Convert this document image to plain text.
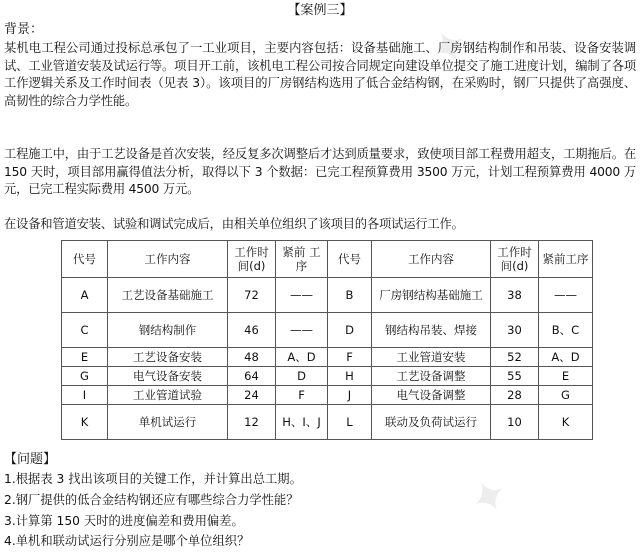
✦
✦
【案例三】
背景：
某机电工程公司通过投标总承包了一工业项目，主要内容包括：设备基础施工、厂房钢结构制作和吊装、设备安装调试、工业管道安装及试运行等。项目开工前，该机电工程公司按合同规定向建设单位提交了施工进度计划，编制了各项工作逻辑关系及工作时间表（见表 3）。该项目的厂房钢结构选用了低合金结构钢，在采购时，钢厂只提供了高强度、高韧性的综合力学性能。
工程施工中，由于工艺设备是首次安装，经反复多次调整后才达到质量要求，致使项目部工程费用超支，工期拖后。在 150 天时，项目部用赢得值法分析，取得以下 3 个数据：已完工程预算费用 3500 万元，计划工程预算费用 4000 万元，已完工程实际费用 4500 万元。
在设备和管道安装、试验和调试完成后，由相关单位组织了该项目的各项试运行工作。
代号	工作内容	工作时间(d)	紧前 工序	代号	工作内容	工作时间(d)	紧前工序
A	工艺设备基础施工	72	——	B	厂房钢结构基础施工	38	——
C	钢结构制作	46	——	D	钢结构吊装、焊接	30	B、C
E	工艺设备安装	48	A、D	F	工业管道安装	52	A、D
G	电气设备安装	64	D	H	工艺设备调整	55	E
I	工业管道试验	24	F	J	电气设备调整	28	G
K	单机试运行	12	H、I、J	L	联动及负荷试运行	10	K
【问题】
1.根据表 3 找出该项目的关键工作，并计算出总工期。
2.钢厂提供的低合金结构钢还应有哪些综合力学性能？
3.计算第 150 天时的进度偏差和费用偏差。
4.单机和联动试运行分别应是哪个单位组织？
